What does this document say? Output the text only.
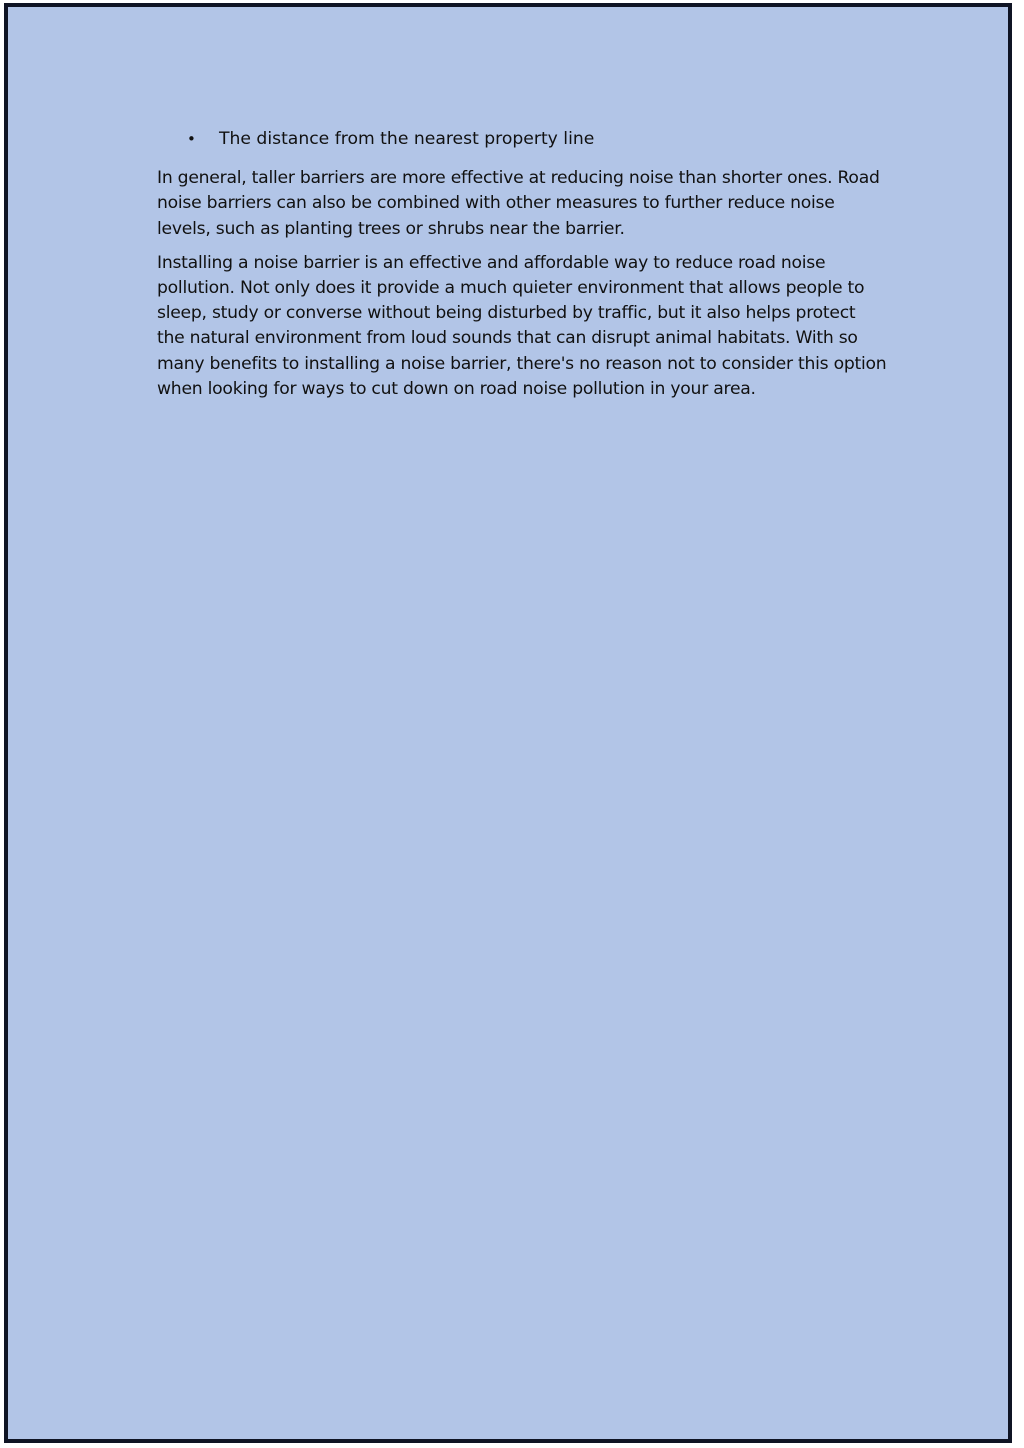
• The distance from the nearest property line

In general, taller barriers are more effective at reducing noise than shorter ones. Road noise barriers can also be combined with other measures to further reduce noise levels, such as planting trees or shrubs near the barrier.

Installing a noise barrier is an effective and affordable way to reduce road noise pollution. Not only does it provide a much quieter environment that allows people to sleep, study or converse without being disturbed by traffic, but it also helps protect the natural environment from loud sounds that can disrupt animal habitats. With so many benefits to installing a noise barrier, there's no reason not to consider this option when looking for ways to cut down on road noise pollution in your area.
